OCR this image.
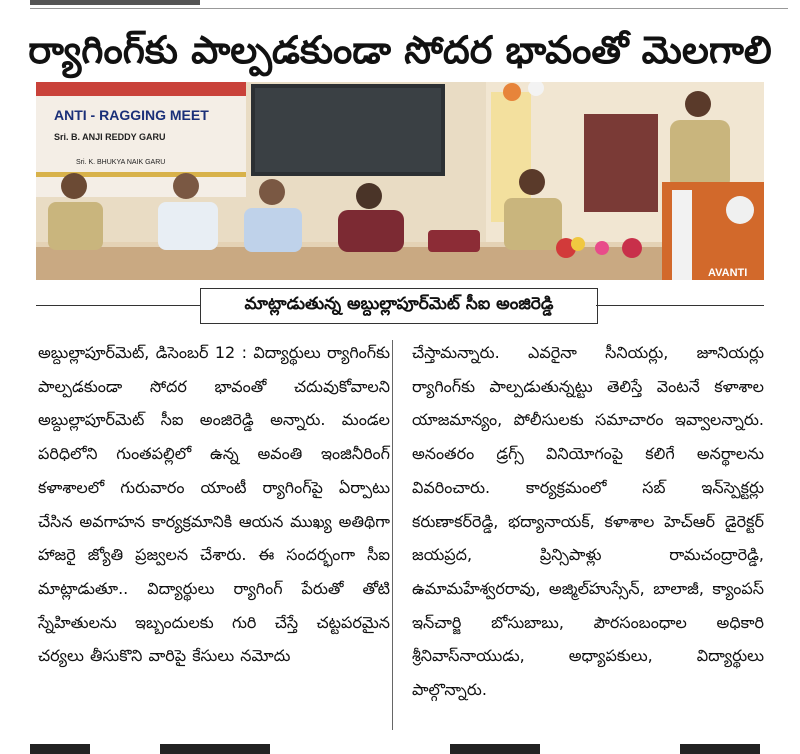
ర్యాగింగ్‌కు పాల్పడకుండా సోదర భావంతో మెలగాలి
ANTI - RAGGING MEET
Sri. B. ANJI REDDY GARU
Sri. K. BHUKYA NAIK GARU
AVANTI
మాట్లాడుతున్న అబ్దుల్లాపూర్‌మెట్ సీఐ అంజిరెడ్డి
అబ్దుల్లాపూర్‌మెట్, డిసెంబర్ 12 : విద్యార్థులు ర్యాగింగ్‌కు పాల్పడకుండా సోదర భావంతో చదువుకోవాలని అబ్దుల్లాపూర్‌మెట్ సీఐ అంజిరెడ్డి అన్నారు. మండల పరిధిలోని గుంతపల్లిలో ఉన్న అవంతి ఇంజినీరింగ్ కళాశాలలో గురువారం యాంటీ ర్యాగింగ్‌పై ఏర్పాటు చేసిన అవగాహన కార్యక్రమానికి ఆయన ముఖ్య అతిథిగా హాజరై జ్యోతి ప్రజ్వలన చేశారు. ఈ సందర్భంగా సీఐ మాట్లాడుతూ.. విద్యార్థులు ర్యాగింగ్ పేరుతో తోటి స్నేహితులను ఇబ్బందులకు గురి చేస్తే చట్టపరమైన చర్యలు తీసుకొని వారిపై కేసులు నమోదు
చేస్తామన్నారు. ఎవరైనా సీనియర్లు, జూనియర్లు ర్యాగింగ్‌కు పాల్పడుతున్నట్టు తెలిస్తే వెంటనే కళాశాల యాజమాన్యం, పోలీసులకు సమాచారం ఇవ్వాలన్నారు. అనంతరం డ్రగ్స్ వినియోగంపై కలిగే అనర్థాలను వివరించారు. కార్యక్రమంలో సబ్ ఇన్‌స్పెక్టర్లు కరుణాకర్‌రెడ్డి, భద్యానాయక్, కళాశాల హెచ్‌ఆర్ డైరెక్టర్ జయప్రద, ప్రిన్సిపాళ్లు రామచంద్రారెడ్డి, ఉమామహేశ్వరరావు, అజ్మిల్‌హుస్సేన్, బాలాజీ, క్యాంపస్ ఇన్‌చార్జి బోసుబాబు, పౌరసంబంధాల అధికారి శ్రీనివాస్‌నాయుడు, అధ్యాపకులు, విద్యార్థులు పాల్గొన్నారు.
